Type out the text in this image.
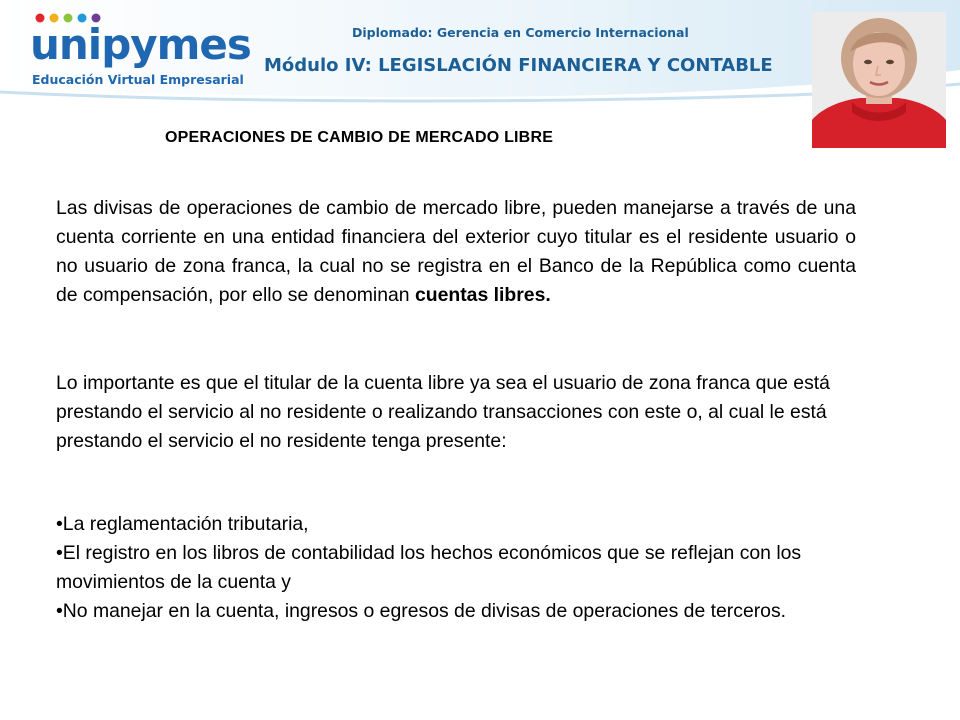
unipymes
Educación Virtual Empresarial
Diplomado: Gerencia en Comercio Internacional
Módulo IV: LEGISLACIÓN FINANCIERA Y CONTABLE
OPERACIONES DE CAMBIO DE MERCADO LIBRE
Las divisas de operaciones de cambio de mercado libre, pueden manejarse a través de una cuenta corriente en una entidad financiera del exterior cuyo titular es el residente usuario o no usuario de zona franca, la cual no se registra en el Banco de la República como cuenta de compensación, por ello se denominan cuentas libres.
Lo importante es que el titular de la cuenta libre ya sea el usuario de zona franca que está prestando el servicio al no residente o realizando transacciones con este o, al cual le está prestando el servicio el no residente tenga presente:
•La reglamentación tributaria,
•El registro en los libros de contabilidad los hechos económicos que se reflejan con los movimientos de la cuenta y
•No manejar en la cuenta, ingresos o egresos de divisas de operaciones de terceros.
